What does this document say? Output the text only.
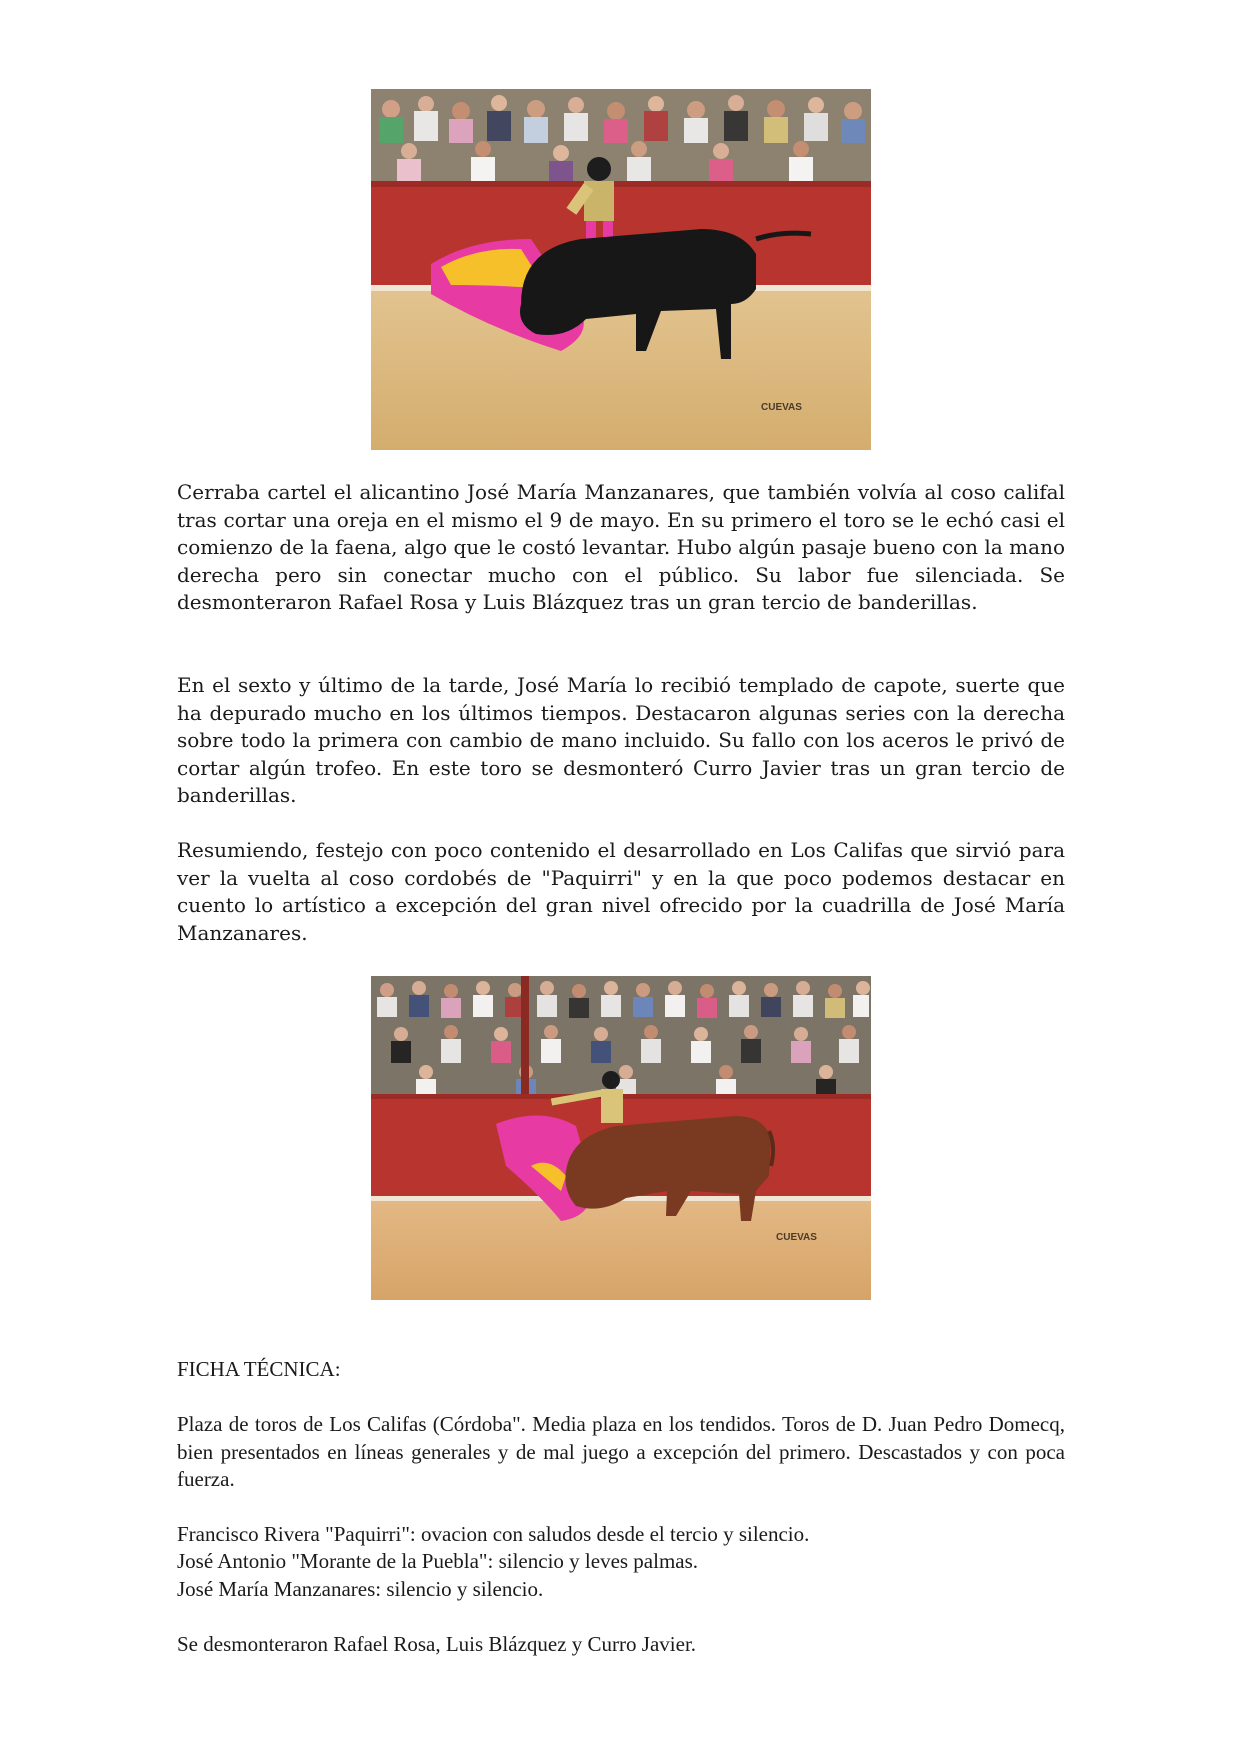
CUEVAS

Cerraba cartel el alicantino José María Manzanares, que también volvía al coso califal tras cortar una oreja en el mismo el 9 de mayo. En su primero el toro se le echó casi el comienzo de la faena, algo que le costó levantar. Hubo algún pasaje bueno con la mano derecha pero sin conectar mucho con el público. Su labor fue silenciada. Se desmonteraron Rafael Rosa y Luis Blázquez tras un gran tercio de banderillas.

En el sexto y último de la tarde, José María lo recibió templado de capote, suerte que ha depurado mucho en los últimos tiempos. Destacaron algunas series con la derecha sobre todo la primera con cambio de mano incluido. Su fallo con los aceros le privó de cortar algún trofeo. En este toro se desmonteró Curro Javier tras un gran tercio de banderillas.

Resumiendo, festejo con poco contenido el desarrollado en Los Califas que sirvió para ver la vuelta al coso cordobés de "Paquirri" y en la que poco podemos destacar en cuento lo artístico a excepción del gran nivel ofrecido por la cuadrilla de José María Manzanares.

CUEVAS

FICHA TÉCNICA:

Plaza de toros de Los Califas (Córdoba". Media plaza en los tendidos. Toros de D. Juan Pedro Domecq, bien presentados en líneas generales y de mal juego a excepción del primero. Descastados y con poca fuerza.

Francisco Rivera "Paquirri": ovacion con saludos desde el tercio y silencio.

José Antonio "Morante de la Puebla": silencio y leves palmas.

José María Manzanares: silencio y silencio.

Se desmonteraron Rafael Rosa, Luis Blázquez y Curro Javier.
